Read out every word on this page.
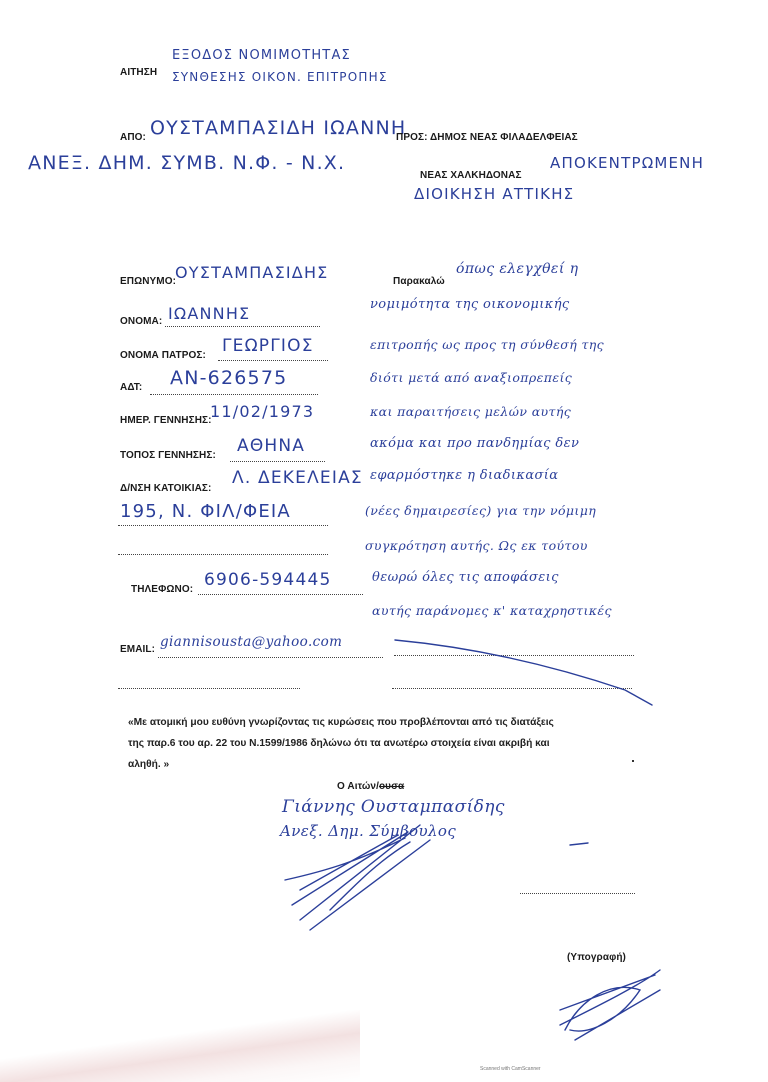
ΑΙΤΗΣΗ
ΕΞΟΔΟΣ ΝΟΜΙΜΟΤΗΤΑΣ
ΣΥΝΘΕΣΗΣ ΟΙΚΟΝ. ΕΠΙΤΡΟΠΗΣ
ΑΠΟ: ΟΥΣΤΑΜΠΑΣΙΔΗ ΙΩΑΝΝΗ
ΑΝΕΞ. ΔΗΜ. ΣΥΜΒ. Ν.Φ. - Ν.Χ.
ΠΡΟΣ: ΔΗΜΟΣ ΝΕΑΣ ΦΙΛΑΔΕΛΦΕΙΑΣ
ΝΕΑΣ ΧΑΛΚΗΔΟΝΑΣ
ΑΠΟΚΕΝΤΡΩΜΕΝΗ
ΔΙΟΙΚΗΣΗ ΑΤΤΙΚΗΣ
ΕΠΩΝΥΜΟ:
ΟΥΣΤΑΜΠΑΣΙΔΗΣ
ΟΝΟΜΑ: ΙΩΑΝΝΗΣ
ΟΝΟΜΑ ΠΑΤΡΟΣ: ΓΕΩΡΓΙΟΣ
ΑΔΤ: ΑΝ-626575
ΗΜΕΡ. ΓΕΝΝΗΣΗΣ:
11/02/1973
ΤΟΠΟΣ ΓΕΝΝΗΣΗΣ: ΑΘΗΝΑ
Δ/ΝΣΗ ΚΑΤΟΙΚΙΑΣ:
Λ. ΔΕΚΕΛΕΙΑΣ
195, Ν. ΦΙΛ/ΦΕΙΑ
ΤΗΛΕΦΩΝΟ: 6906-594445
EMAIL: giannisousta@yahoo.com
Παρακαλώ
όπως ελεγχθεί η
νομιμότητα της οικονομικής
επιτροπής ως προς τη σύνθεσή της
διότι μετά από αναξιοπρεπείς
και παραιτήσεις μελών αυτής
ακόμα και προ πανδημίας δεν
εφαρμόστηκε η διαδικασία
(νέες δημαιρεσίες) για την νόμιμη
συγκρότηση αυτής. Ως εκ τούτου
θεωρώ όλες τις αποφάσεις
αυτής παράνομες κ' καταχρηστικές
«Με ατομική μου ευθύνη γνωρίζοντας τις κυρώσεις που προβλέπονται από τις διατάξεις
της παρ.6 του αρ. 22 του Ν.1599/1986 δηλώνω ότι τα ανωτέρω στοιχεία είναι ακριβή και
αληθή. »
Ο Αιτών/ουσα
Γιάννης Ουσταμπασίδης
Ανεξ. Δημ. Σύμβουλος
(Υπογραφή)
Scanned with CamScanner
